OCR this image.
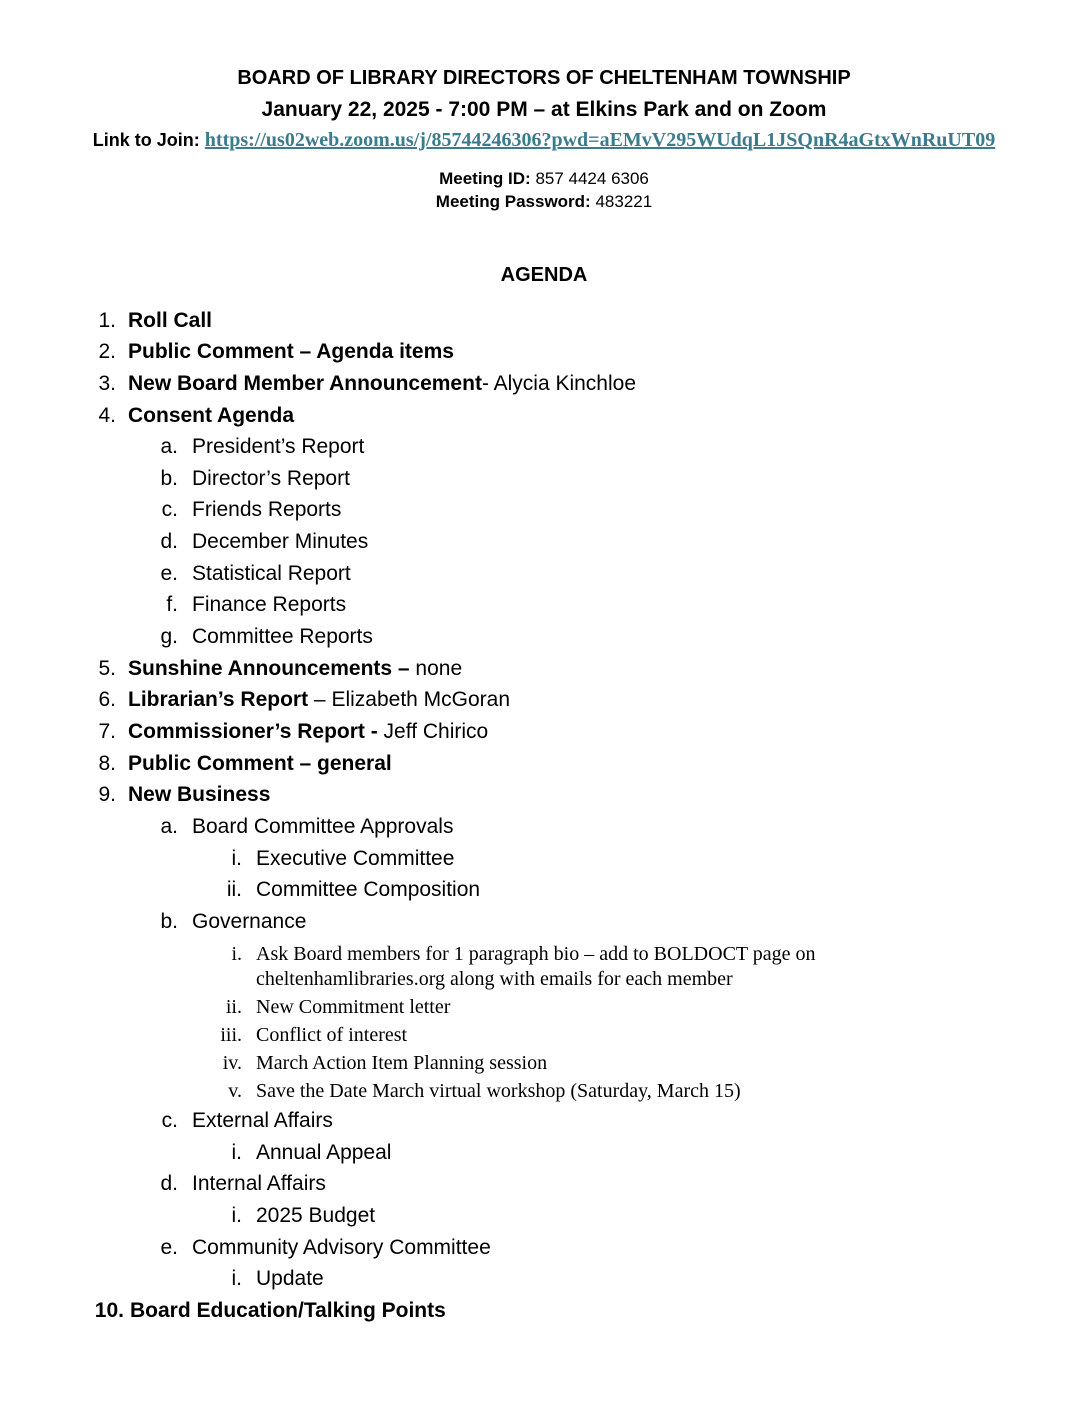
BOARD OF LIBRARY DIRECTORS OF CHELTENHAM TOWNSHIP
January 22, 2025 - 7:00 PM – at Elkins Park and on Zoom
Link to Join: https://us02web.zoom.us/j/85744246306?pwd=aEMvV295WUdqL1JSQnR4aGtxWnRuUT09
Meeting ID: 857 4424 6306
Meeting Password: 483221
AGENDA
1. Roll Call
2. Public Comment – Agenda items
3. New Board Member Announcement- Alycia Kinchloe
4. Consent Agenda
a. President’s Report
b. Director’s Report
c. Friends Reports
d. December Minutes
e. Statistical Report
f. Finance Reports
g. Committee Reports
5. Sunshine Announcements – none
6. Librarian’s Report – Elizabeth McGoran
7. Commissioner’s Report - Jeff Chirico
8. Public Comment – general
9. New Business
a. Board Committee Approvals
i. Executive Committee
ii. Committee Composition
b. Governance
i. Ask Board members for 1 paragraph bio – add to BOLDOCT page on
cheltenhamlibraries.org along with emails for each member
ii. New Commitment letter
iii. Conflict of interest
iv. March Action Item Planning session
v. Save the Date March virtual workshop (Saturday, March 15)
c. External Affairs
i. Annual Appeal
d. Internal Affairs
i. 2025 Budget
e. Community Advisory Committee
i. Update
10. Board Education/Talking Points
